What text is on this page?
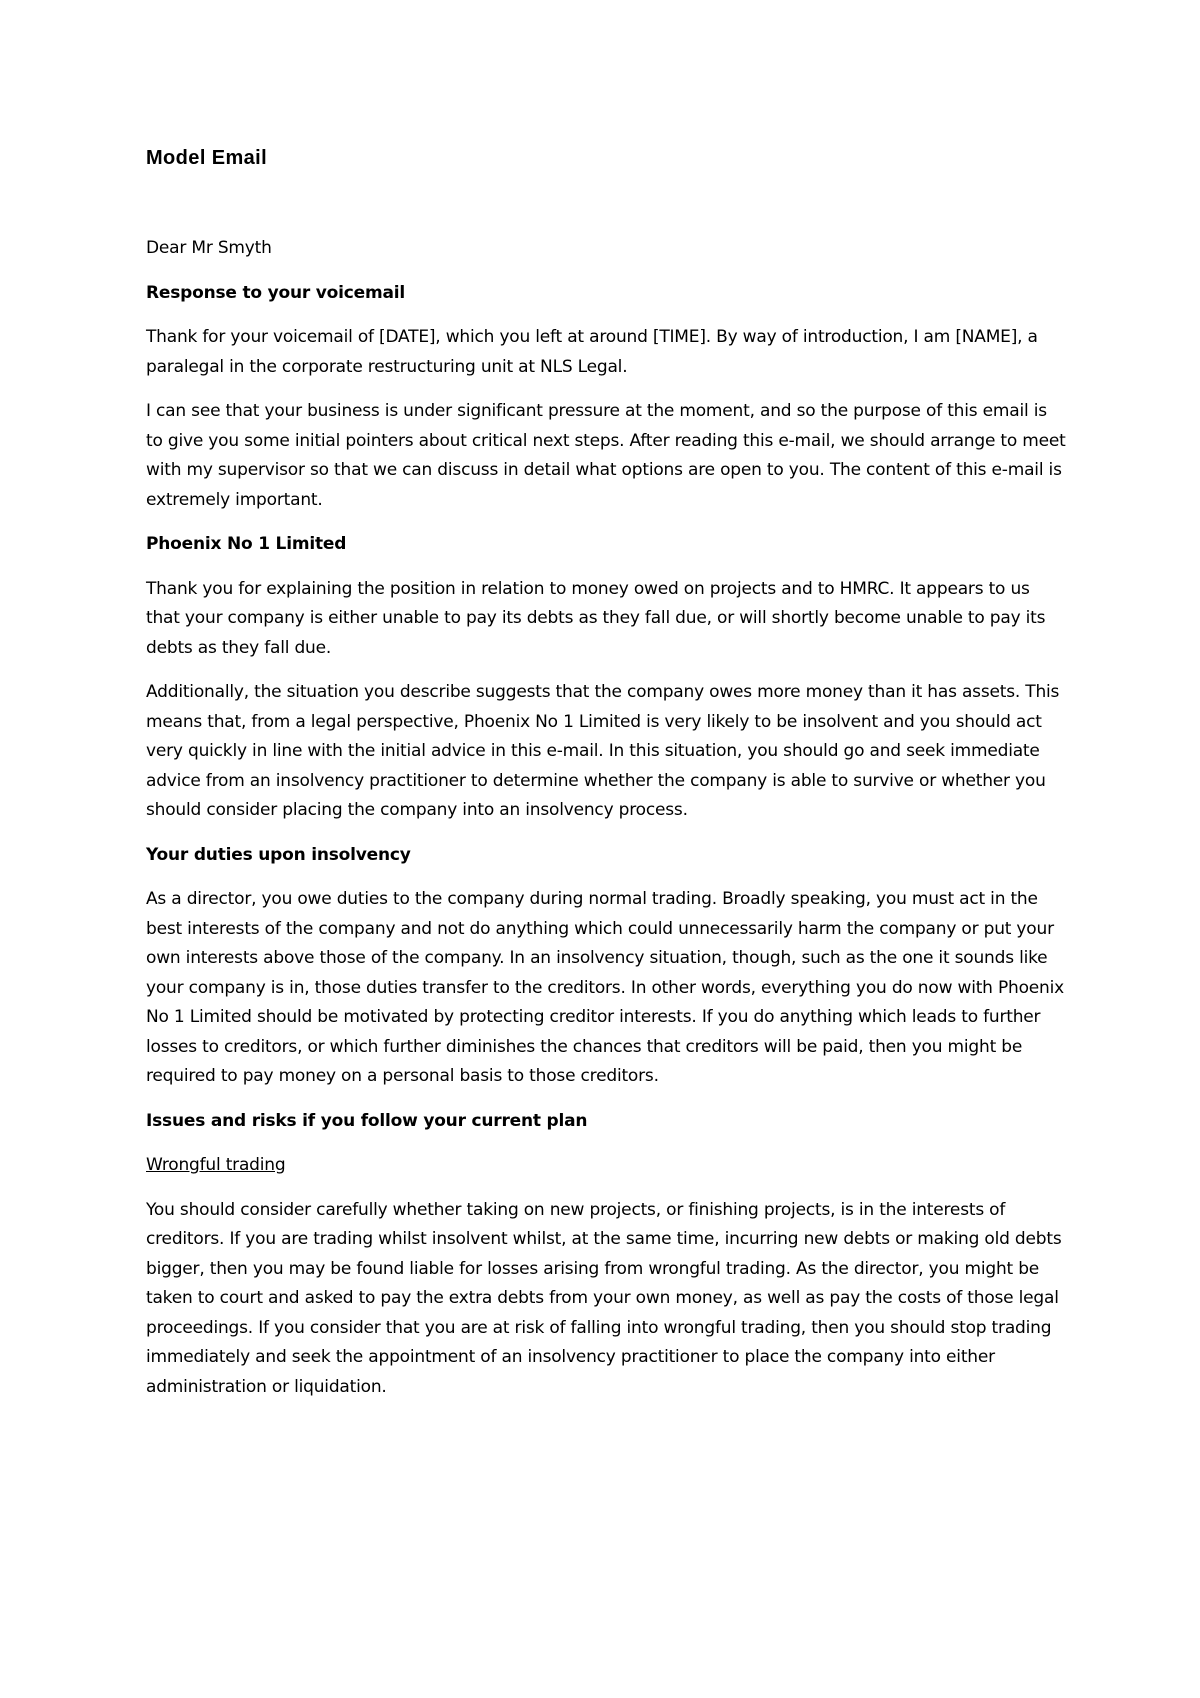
Model Email

Dear Mr Smyth

Response to your voicemail

Thank for your voicemail of [DATE], which you left at around [TIME]. By way of introduction, I am [NAME], a paralegal in the corporate restructuring unit at NLS Legal.

I can see that your business is under significant pressure at the moment, and so the purpose of this email is to give you some initial pointers about critical next steps. After reading this e-mail, we should arrange to meet with my supervisor so that we can discuss in detail what options are open to you. The content of this e-mail is extremely important.

Phoenix No 1 Limited

Thank you for explaining the position in relation to money owed on projects and to HMRC. It appears to us that your company is either unable to pay its debts as they fall due, or will shortly become unable to pay its debts as they fall due.

Additionally, the situation you describe suggests that the company owes more money than it has assets. This means that, from a legal perspective, Phoenix No 1 Limited is very likely to be insolvent and you should act very quickly in line with the initial advice in this e-mail. In this situation, you should go and seek immediate advice from an insolvency practitioner to determine whether the company is able to survive or whether you should consider placing the company into an insolvency process.

Your duties upon insolvency

As a director, you owe duties to the company during normal trading. Broadly speaking, you must act in the best interests of the company and not do anything which could unnecessarily harm the company or put your own interests above those of the company. In an insolvency situation, though, such as the one it sounds like your company is in, those duties transfer to the creditors. In other words, everything you do now with Phoenix No 1 Limited should be motivated by protecting creditor interests. If you do anything which leads to further losses to creditors, or which further diminishes the chances that creditors will be paid, then you might be required to pay money on a personal basis to those creditors.

Issues and risks if you follow your current plan

Wrongful trading

You should consider carefully whether taking on new projects, or finishing projects, is in the interests of creditors. If you are trading whilst insolvent whilst, at the same time, incurring new debts or making old debts bigger, then you may be found liable for losses arising from wrongful trading. As the director, you might be taken to court and asked to pay the extra debts from your own money, as well as pay the costs of those legal proceedings. If you consider that you are at risk of falling into wrongful trading, then you should stop trading immediately and seek the appointment of an insolvency practitioner to place the company into either administration or liquidation.
